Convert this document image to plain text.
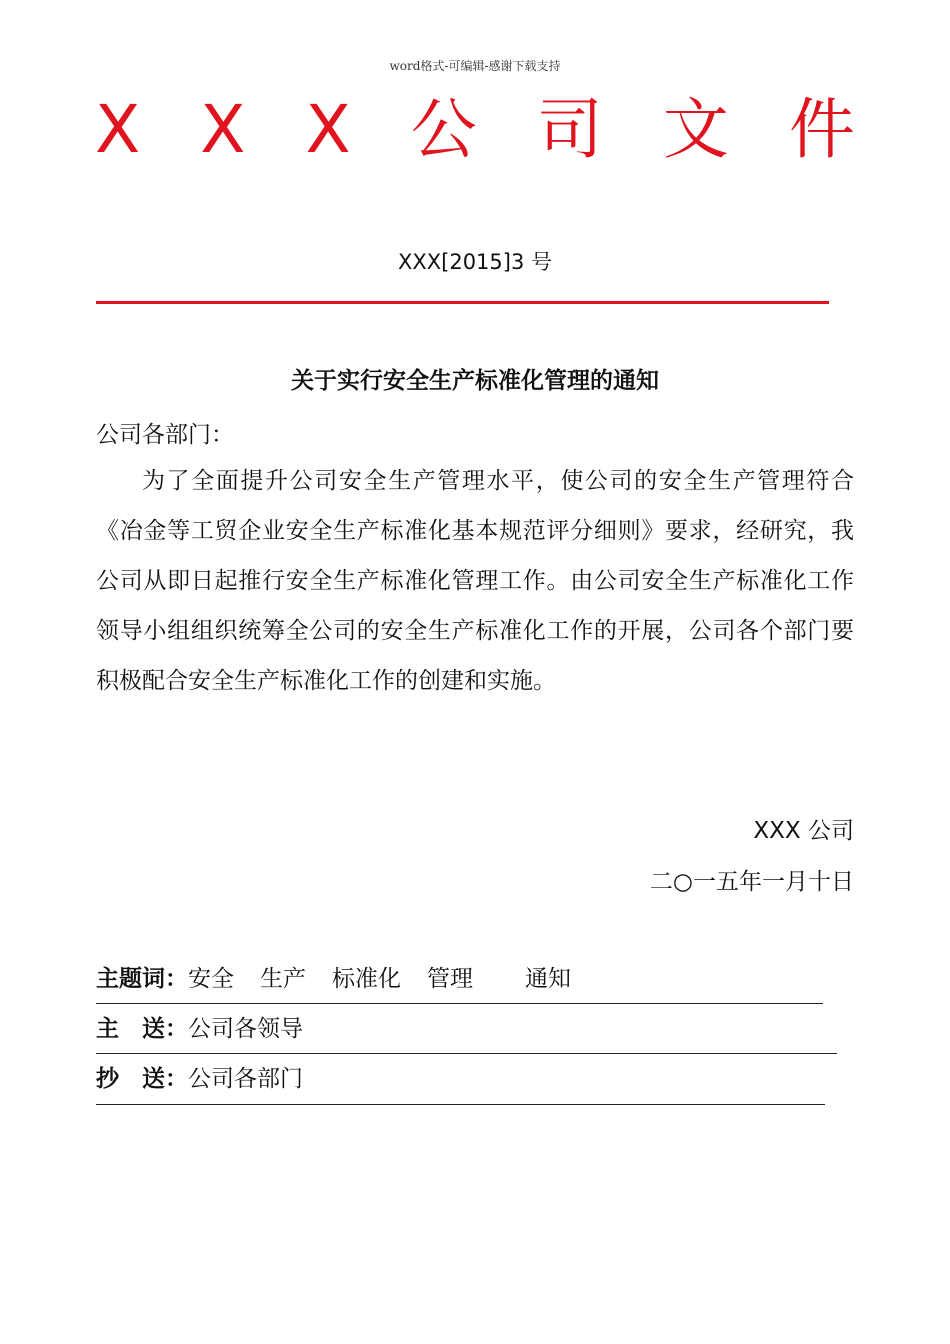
word格式-可编辑-感谢下载支持
X X X 公 司 文 件
XXX[2015]3 号
关于实行安全生产标准化管理的通知
公司各部门：
为了全面提升公司安全生产管理水平，使公司的安全生产管理符合《冶金等工贸企业安全生产标准化基本规范评分细则》要求，经研究，我公司从即日起推行安全生产标准化管理工作。由公司安全生产标准化工作领导小组组织统筹全公司的安全生产标准化工作的开展，公司各个部门要积极配合安全生产标准化工作的创建和实施。
XXX 公司
二○一五年一月十日
主题词：安全 生产 标准化 管理 通知
主　送：公司各领导
抄　送：公司各部门
